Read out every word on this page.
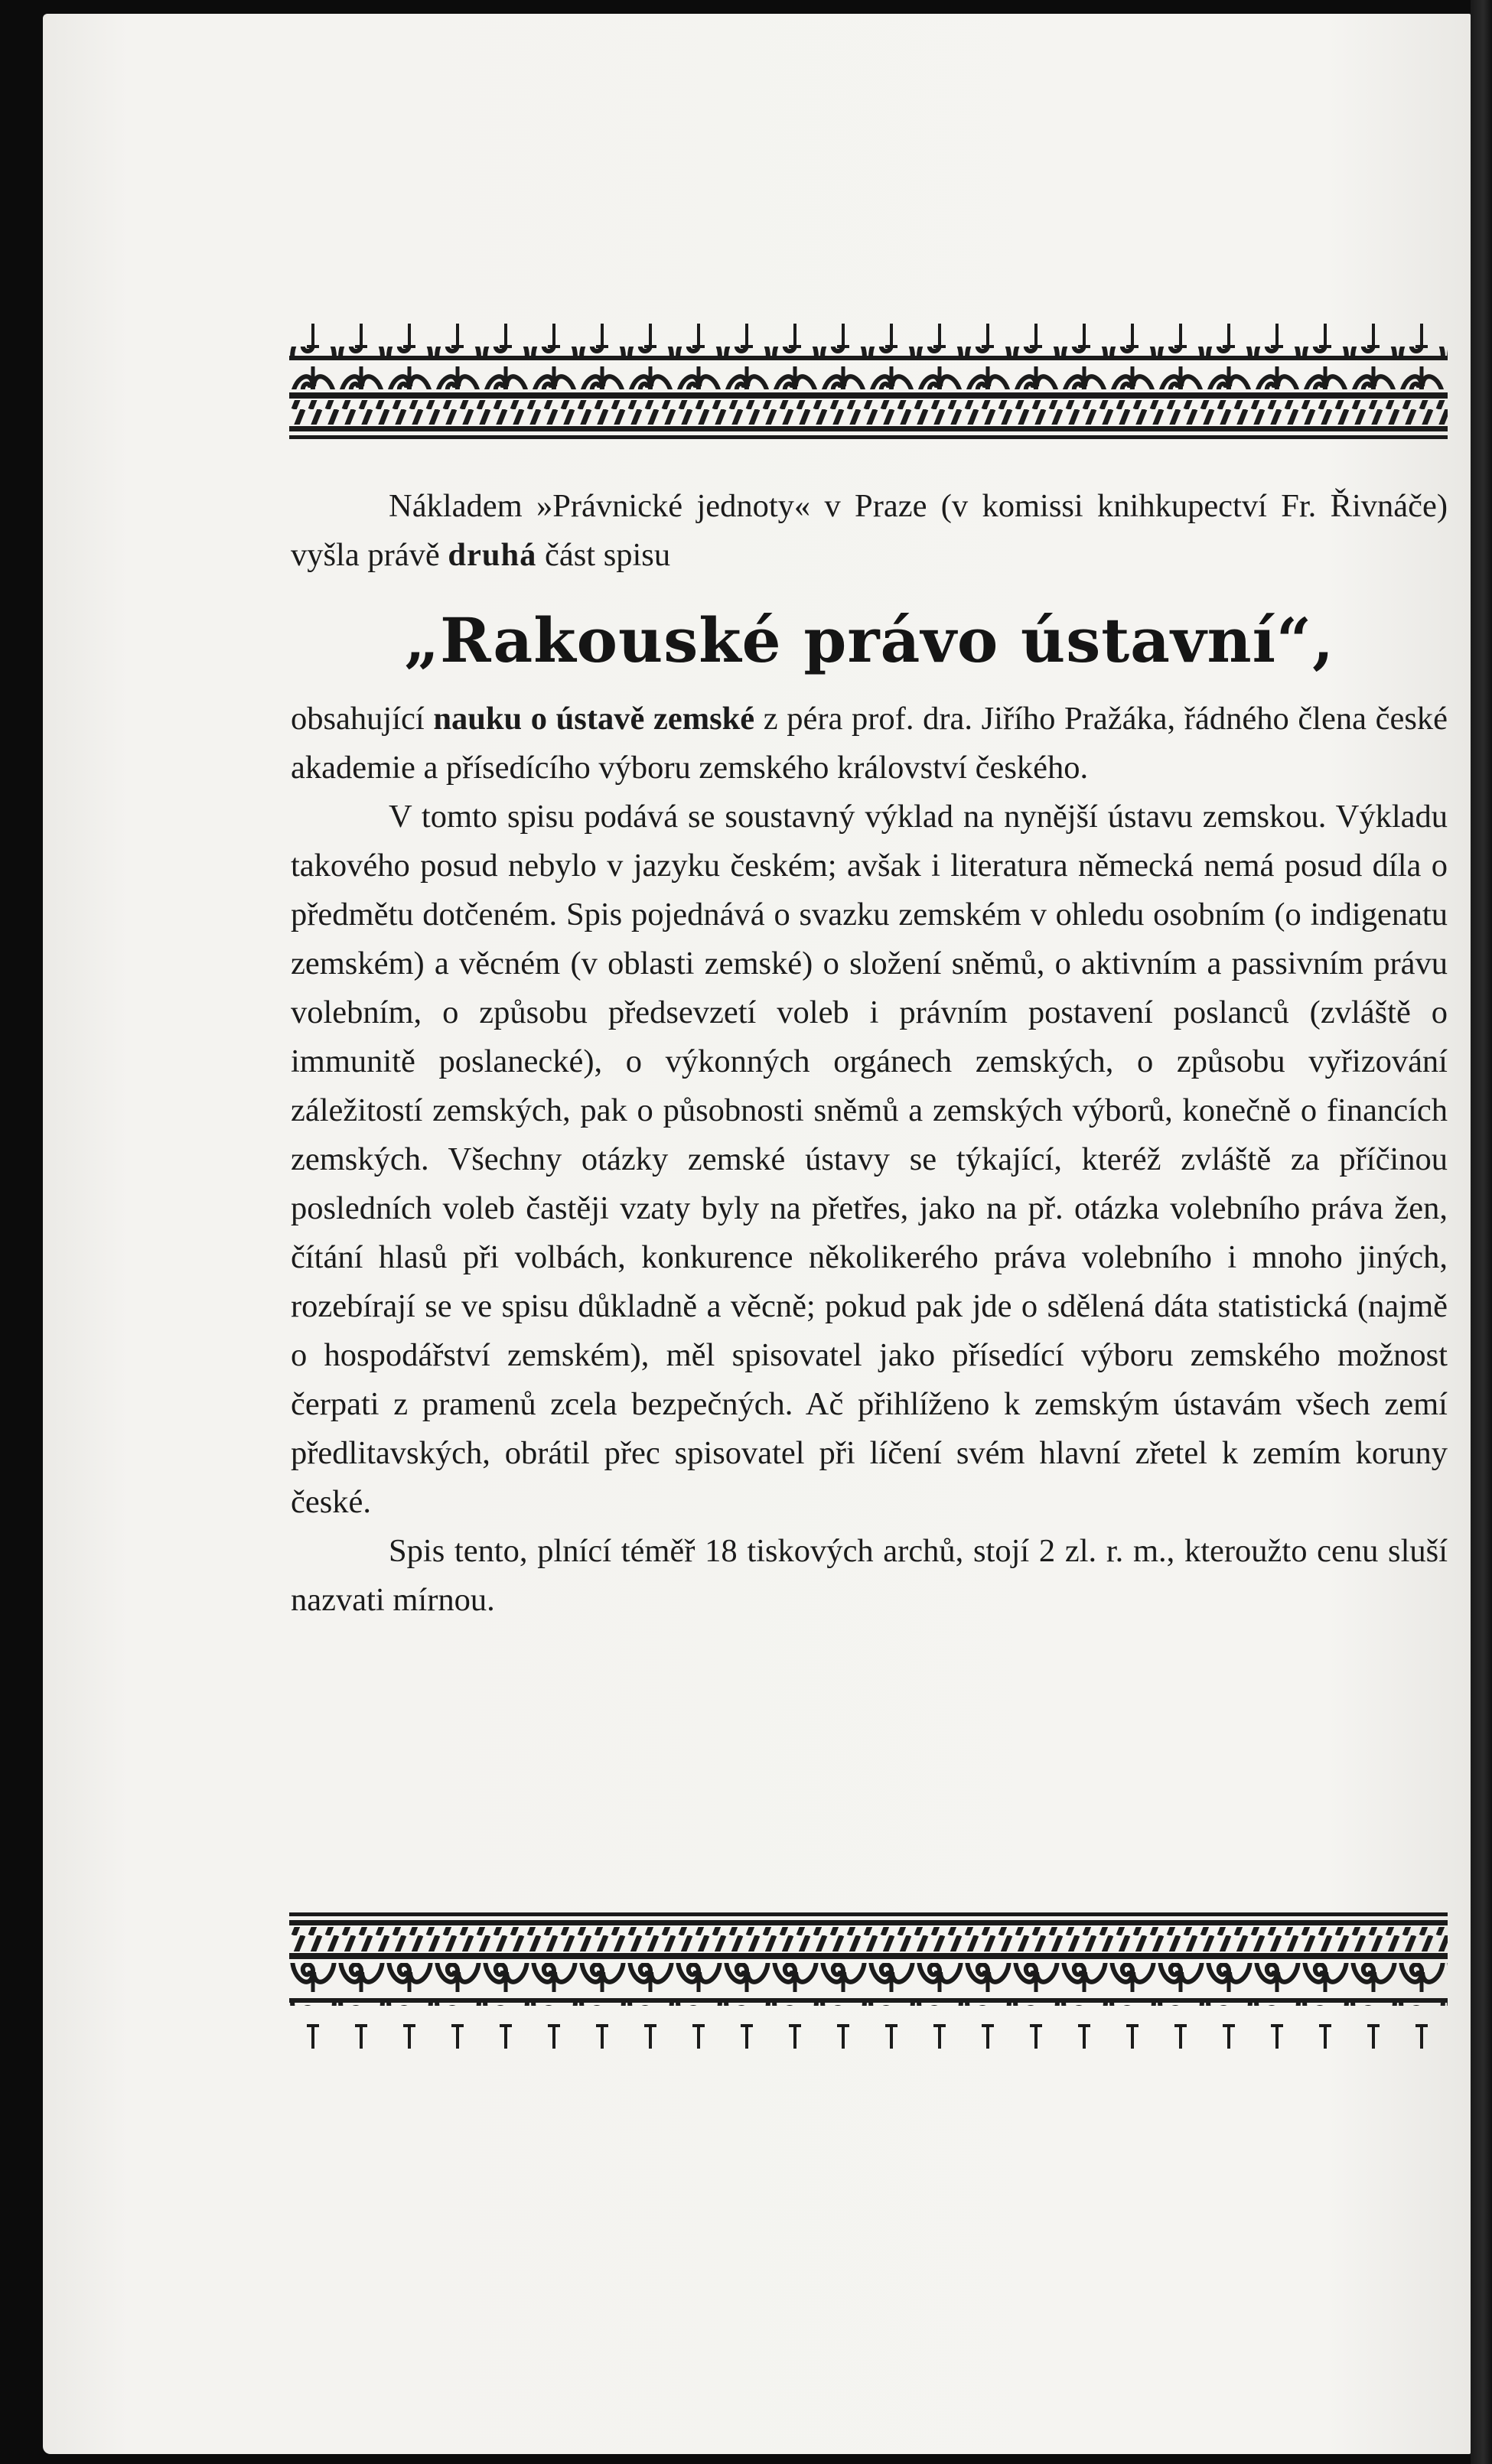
Nákladem »Právnické jednoty« v Praze (v komissi knihkupectví Fr. Řivnáče) vyšla právě druhá část spisu

„Rakouské právo ústavní“,

obsahující nauku o ústavě zemské z péra prof. dra. Jiřího Pražáka, řádného člena české akademie a přísedícího výboru zemského království českého.

V tomto spisu podává se soustavný výklad na nynější ústavu zemskou. Výkladu takového posud nebylo v jazyku českém; avšak i literatura německá nemá posud díla o předmětu dotčeném. Spis pojednává o svazku zemském v ohledu osobním (o indigenatu zemském) a věcném (v oblasti zemské) o složení sněmů, o aktivním a passivním právu volebním, o způsobu předsevzetí voleb i právním postavení poslanců (zvláště o immunitě poslanecké), o výkonných orgánech zemských, o způsobu vyřizování záležitostí zemských, pak o působnosti sněmů a zemských výborů, konečně o financích zemských. Všechny otázky zemské ústavy se týkající, kteréž zvláště za příčinou posledních voleb častěji vzaty byly na přetřes, jako na př. otázka volebního práva žen, čítání hlasů při volbách, konkurence několikerého práva volebního i mnoho jiných, rozebírají se ve spisu důkladně a věcně; pokud pak jde o sdělená dáta statistická (najmě o hospodářství zemském), měl spisovatel jako přísedící výboru zemského možnost čerpati z pramenů zcela bezpečných. Ač přihlíženo k zemským ústavám všech zemí předlitavských, obrátil přec spisovatel při líčení svém hlavní zřetel k zemím koruny české.

Spis tento, plnící téměř 18 tiskových archů, stojí 2 zl. r. m., kteroužto cenu sluší nazvati mírnou.
